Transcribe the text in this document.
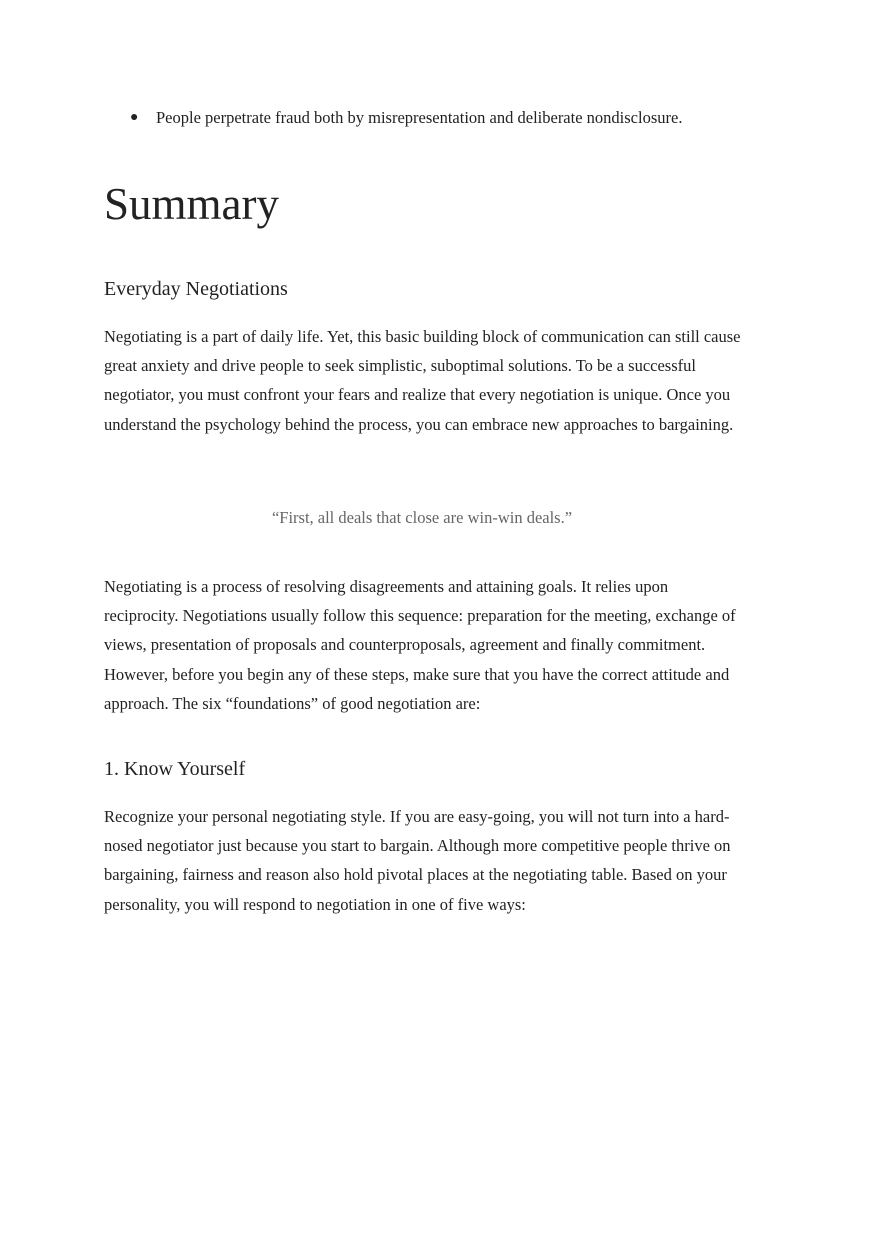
● People perpetrate fraud both by misrepresentation and deliberate nondisclosure.
Summary
Everyday Negotiations

Negotiating is a part of daily life. Yet, this basic building block of communication can still cause great anxiety and drive people to seek simplistic, suboptimal solutions. To be a successful negotiator, you must confront your fears and realize that every negotiation is unique. Once you understand the psychology behind the process, you can embrace new approaches to bargaining.

“First, all deals that close are win-win deals.”

Negotiating is a process of resolving disagreements and attaining goals. It relies upon reciprocity. Negotiations usually follow this sequence: preparation for the meeting, exchange of views, presentation of proposals and counterproposals, agreement and finally commitment. However, before you begin any of these steps, make sure that you have the correct attitude and approach. The six “foundations” of good negotiation are:

1. Know Yourself

Recognize your personal negotiating style. If you are easy-going, you will not turn into a hard-nosed negotiator just because you start to bargain. Although more competitive people thrive on bargaining, fairness and reason also hold pivotal places at the negotiating table. Based on your personality, you will respond to negotiation in one of five ways:
